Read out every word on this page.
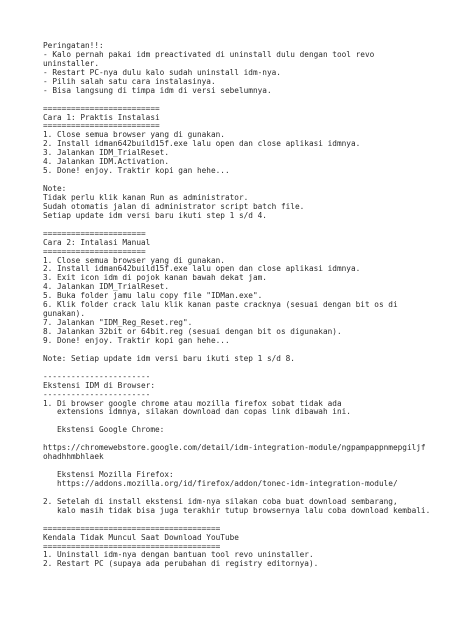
Peringatan!!:
- Kalo pernah pakai idm preactivated di uninstall dulu dengan tool revo
uninstaller.
- Restart PC-nya dulu kalo sudah uninstall idm-nya.
- Pilih salah satu cara instalasinya.
- Bisa langsung di timpa idm di versi sebelumnya.
=========================
Cara 1: Praktis Instalasi
=========================
1. Close semua browser yang di gunakan.
2. Install idman642build15f.exe lalu open dan close aplikasi idmnya.
3. Jalankan IDM_TrialReset.
4. Jalankan IDM.Activation.
5. Done! enjoy. Traktir kopi gan hehe...
Note:
Tidak perlu klik kanan Run as administrator.
Sudah otomatis jalan di administrator script batch file.
Setiap update idm versi baru ikuti step 1 s/d 4.
======================
Cara 2: Intalasi Manual
======================
1. Close semua browser yang di gunakan.
2. Install idman642build15f.exe lalu open dan close aplikasi idmnya.
3. Exit icon idm di pojok kanan bawah dekat jam.
4. Jalankan IDM_TrialReset.
5. Buka folder jamu lalu copy file "IDMan.exe".
6. Klik folder crack lalu klik kanan paste cracknya (sesuai dengan bit os di
gunakan).
7. Jalankan "IDM_Reg_Reset.reg".
8. Jalankan 32bit or 64bit.reg (sesuai dengan bit os digunakan).
9. Done! enjoy. Traktir kopi gan hehe...
Note: Setiap update idm versi baru ikuti step 1 s/d 8.
-----------------------
Ekstensi IDM di Browser:
-----------------------
1. Di browser google chrome atau mozilla firefox sobat tidak ada
extensions idmnya, silakan download dan copas link dibawah ini.
Ekstensi Google Chrome:
https://chromewebstore.google.com/detail/idm-integration-module/ngpampappnmepgiljf
ohadhhmbhlaek
Ekstensi Mozilla Firefox:
https://addons.mozilla.org/id/firefox/addon/tonec-idm-integration-module/
2. Setelah di install ekstensi idm-nya silakan coba buat download sembarang,
kalo masih tidak bisa juga terakhir tutup browsernya lalu coba download kembali.
======================================
Kendala Tidak Muncul Saat Download YouTube
======================================
1. Uninstall idm-nya dengan bantuan tool revo uninstaller.
2. Restart PC (supaya ada perubahan di registry editornya).
